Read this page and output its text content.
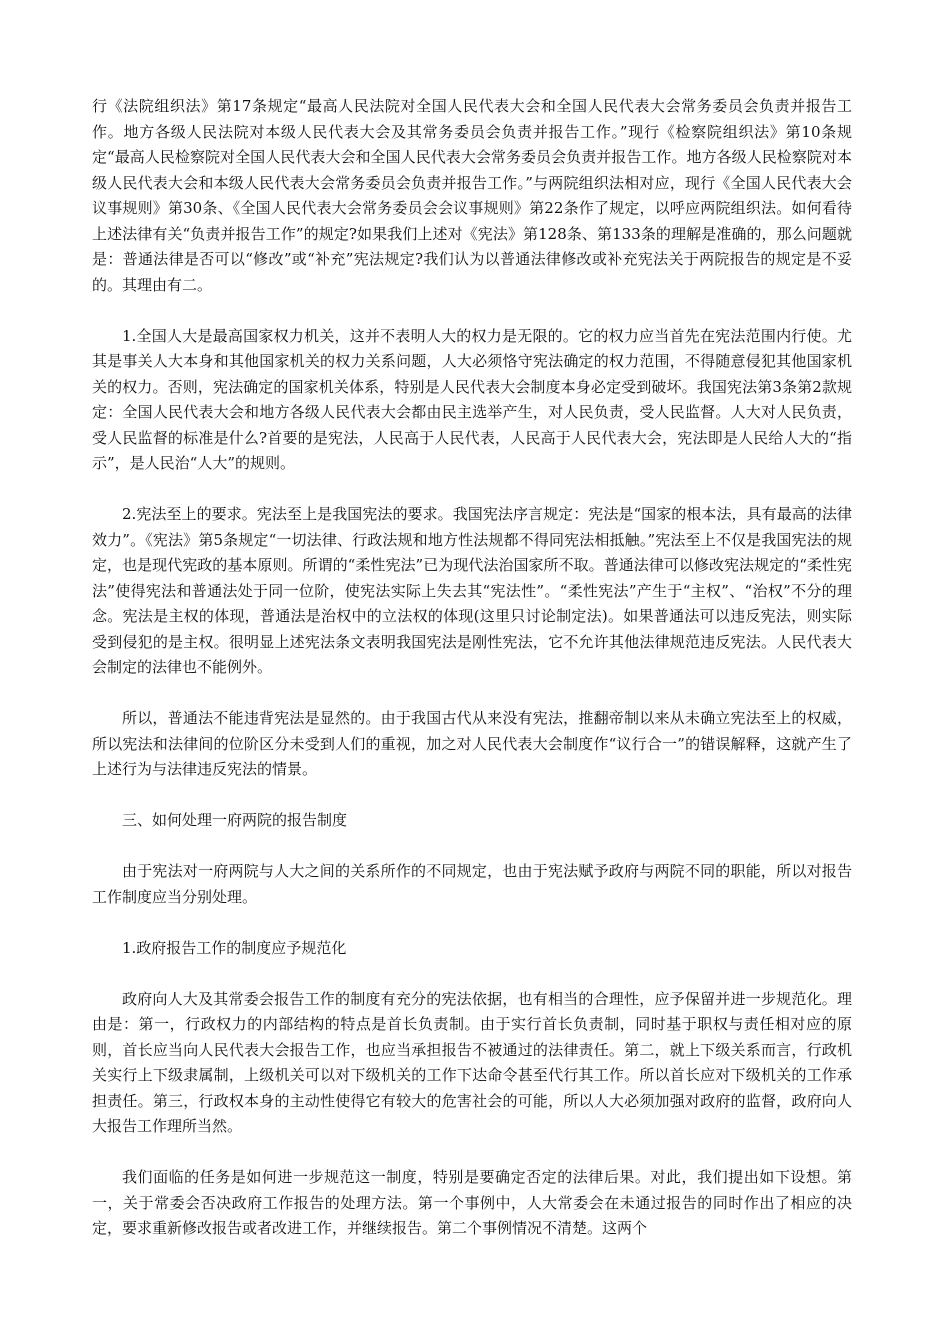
行《法院组织法》第17条规定“最高人民法院对全国人民代表大会和全国人民代表大会常务委员会负责并报告工作。地方各级人民法院对本级人民代表大会及其常务委员会负责并报告工作。”现行《检察院组织法》第10条规定“最高人民检察院对全国人民代表大会和全国人民代表大会常务委员会负责并报告工作。地方各级人民检察院对本级人民代表大会和本级人民代表大会常务委员会负责并报告工作。”与两院组织法相对应，现行《全国人民代表大会议事规则》第30条、《全国人民代表大会常务委员会会议事规则》第22条作了规定，以呼应两院组织法。如何看待上述法律有关“负责并报告工作”的规定?如果我们上述对《宪法》第128条、第133条的理解是准确的，那么问题就是：普通法律是否可以“修改”或“补充”宪法规定?我们认为以普通法律修改或补充宪法关于两院报告的规定是不妥的。其理由有二。

1.全国人大是最高国家权力机关，这并不表明人大的权力是无限的。它的权力应当首先在宪法范围内行使。尤其是事关人大本身和其他国家机关的权力关系问题，人大必须恪守宪法确定的权力范围，不得随意侵犯其他国家机关的权力。否则，宪法确定的国家机关体系，特别是人民代表大会制度本身必定受到破坏。我国宪法第3条第2款规定：全国人民代表大会和地方各级人民代表大会都由民主选举产生，对人民负责，受人民监督。人大对人民负责，受人民监督的标准是什么?首要的是宪法，人民高于人民代表，人民高于人民代表大会，宪法即是人民给人大的“指示”，是人民治“人大”的规则。

2.宪法至上的要求。宪法至上是我国宪法的要求。我国宪法序言规定：宪法是“国家的根本法，具有最高的法律效力”。《宪法》第5条规定“一切法律、行政法规和地方性法规都不得同宪法相抵触。”宪法至上不仅是我国宪法的规定，也是现代宪政的基本原则。所谓的“柔性宪法”已为现代法治国家所不取。普通法律可以修改宪法规定的“柔性宪法”使得宪法和普通法处于同一位阶，使宪法实际上失去其“宪法性”。“柔性宪法”产生于“主权”、“治权”不分的理念。宪法是主权的体现，普通法是治权中的立法权的体现(这里只讨论制定法)。如果普通法可以违反宪法，则实际受到侵犯的是主权。很明显上述宪法条文表明我国宪法是刚性宪法，它不允许其他法律规范违反宪法。人民代表大会制定的法律也不能例外。

所以，普通法不能违背宪法是显然的。由于我国古代从来没有宪法，推翻帝制以来从未确立宪法至上的权威，所以宪法和法律间的位阶区分未受到人们的重视，加之对人民代表大会制度作“议行合一”的错误解释，这就产生了上述行为与法律违反宪法的情景。

三、如何处理一府两院的报告制度

由于宪法对一府两院与人大之间的关系所作的不同规定，也由于宪法赋予政府与两院不同的职能，所以对报告工作制度应当分别处理。

1.政府报告工作的制度应予规范化

政府向人大及其常委会报告工作的制度有充分的宪法依据，也有相当的合理性，应予保留并进一步规范化。理由是：第一，行政权力的内部结构的特点是首长负责制。由于实行首长负责制，同时基于职权与责任相对应的原则，首长应当向人民代表大会报告工作，也应当承担报告不被通过的法律责任。第二，就上下级关系而言，行政机关实行上下级隶属制，上级机关可以对下级机关的工作下达命令甚至代行其工作。所以首长应对下级机关的工作承担责任。第三，行政权本身的主动性使得它有较大的危害社会的可能，所以人大必须加强对政府的监督，政府向人大报告工作理所当然。

我们面临的任务是如何进一步规范这一制度，特别是要确定否定的法律后果。对此，我们提出如下设想。第一，关于常委会否决政府工作报告的处理方法。第一个事例中，人大常委会在未通过报告的同时作出了相应的决定，要求重新修改报告或者改进工作，并继续报告。第二个事例情况不清楚。这两个
